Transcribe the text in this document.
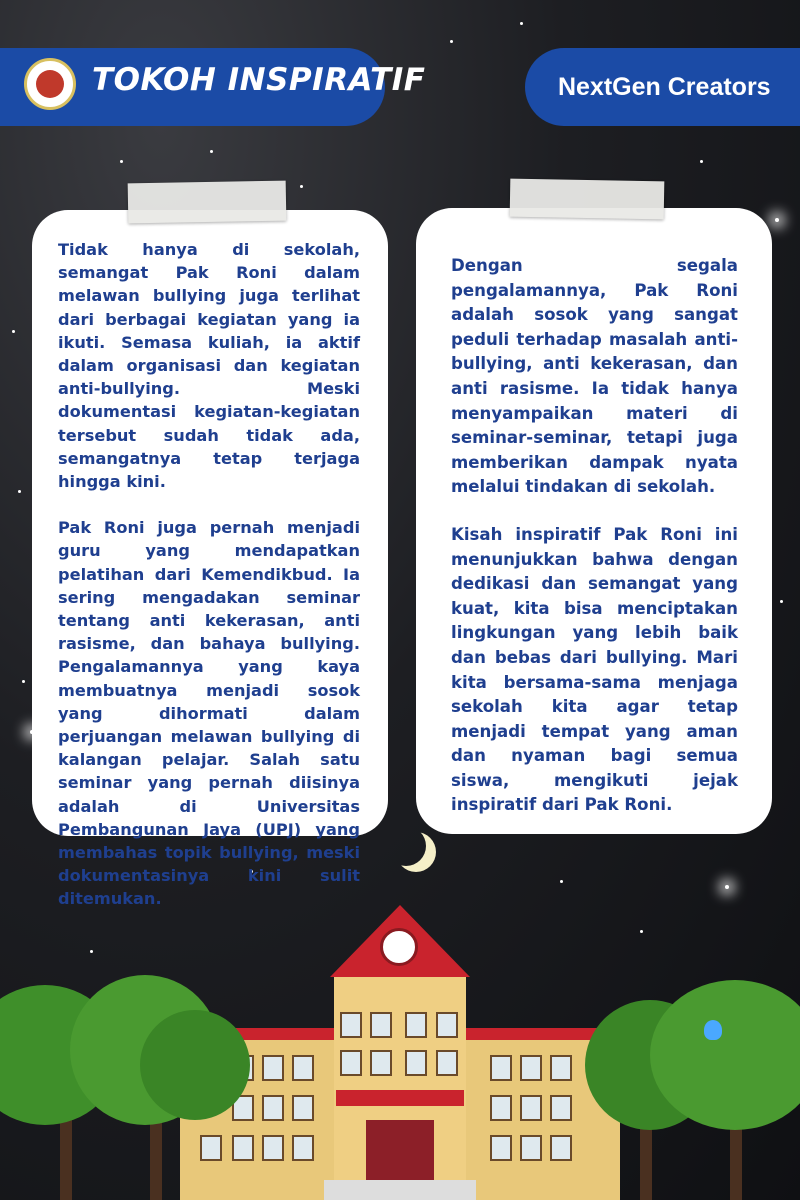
TOKOH INSPIRATIF	NextGen Creators

Tidak hanya di sekolah, semangat Pak Roni dalam melawan bullying juga terlihat dari berbagai kegiatan yang ia ikuti. Semasa kuliah, ia aktif dalam organisasi dan kegiatan anti-bullying. Meski dokumentasi kegiatan-kegiatan tersebut sudah tidak ada, semangatnya tetap terjaga hingga kini.

Pak Roni juga pernah menjadi guru yang mendapatkan pelatihan dari Kemendikbud. Ia sering mengadakan seminar tentang anti kekerasan, anti rasisme, dan bahaya bullying. Pengalamannya yang kaya membuatnya menjadi sosok yang dihormati dalam perjuangan melawan bullying di kalangan pelajar. Salah satu seminar yang pernah diisinya adalah di Universitas Pembangunan Jaya (UPJ) yang membahas topik bullying, meski dokumentasinya kini sulit ditemukan.

Dengan segala pengalamannya, Pak Roni adalah sosok yang sangat peduli terhadap masalah anti-bullying, anti kekerasan, dan anti rasisme. Ia tidak hanya menyampaikan materi di seminar-seminar, tetapi juga memberikan dampak nyata melalui tindakan di sekolah.

Kisah inspiratif Pak Roni ini menunjukkan bahwa dengan dedikasi dan semangat yang kuat, kita bisa menciptakan lingkungan yang lebih baik dan bebas dari bullying. Mari kita bersama-sama menjaga sekolah kita agar tetap menjadi tempat yang aman dan nyaman bagi semua siswa, mengikuti jejak inspiratif dari Pak Roni.
